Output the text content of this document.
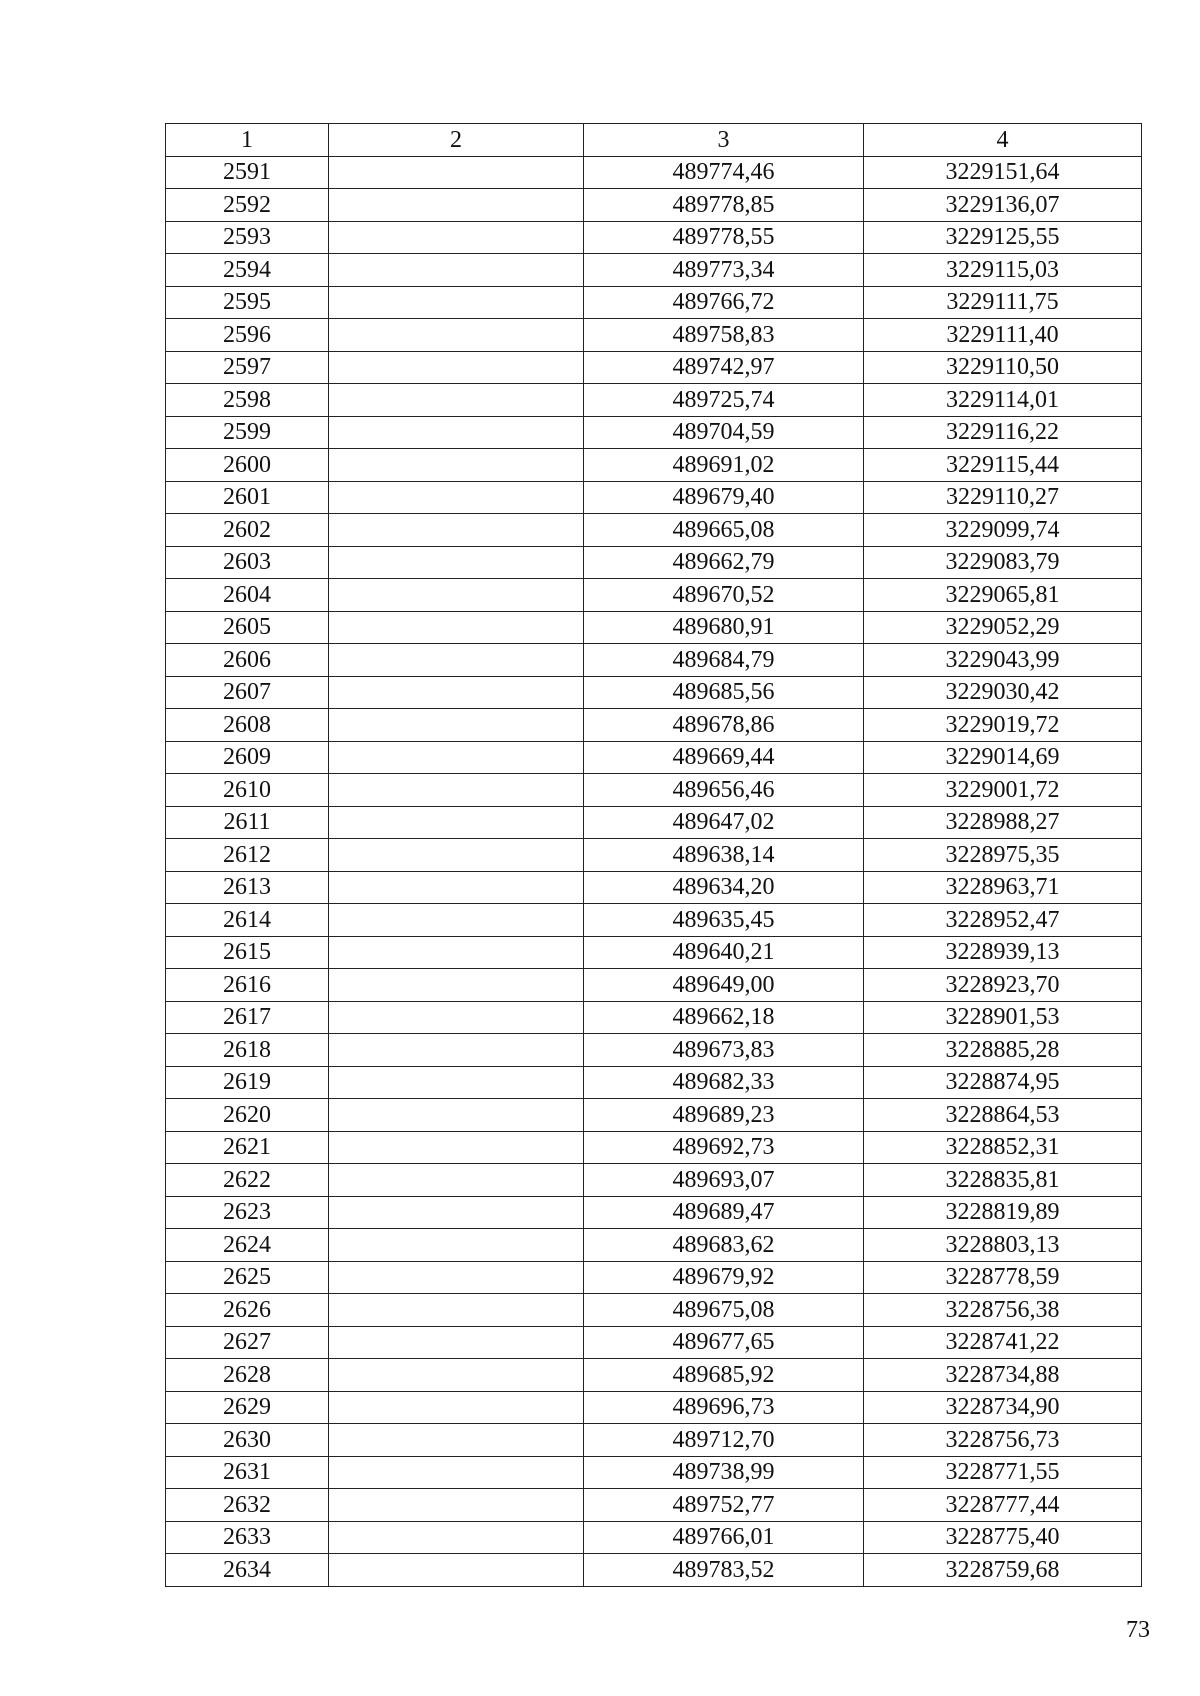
1	2	3	4
2591		489774,46	3229151,64
2592		489778,85	3229136,07
2593		489778,55	3229125,55
2594		489773,34	3229115,03
2595		489766,72	3229111,75
2596		489758,83	3229111,40
2597		489742,97	3229110,50
2598		489725,74	3229114,01
2599		489704,59	3229116,22
2600		489691,02	3229115,44
2601		489679,40	3229110,27
2602		489665,08	3229099,74
2603		489662,79	3229083,79
2604		489670,52	3229065,81
2605		489680,91	3229052,29
2606		489684,79	3229043,99
2607		489685,56	3229030,42
2608		489678,86	3229019,72
2609		489669,44	3229014,69
2610		489656,46	3229001,72
2611		489647,02	3228988,27
2612		489638,14	3228975,35
2613		489634,20	3228963,71
2614		489635,45	3228952,47
2615		489640,21	3228939,13
2616		489649,00	3228923,70
2617		489662,18	3228901,53
2618		489673,83	3228885,28
2619		489682,33	3228874,95
2620		489689,23	3228864,53
2621		489692,73	3228852,31
2622		489693,07	3228835,81
2623		489689,47	3228819,89
2624		489683,62	3228803,13
2625		489679,92	3228778,59
2626		489675,08	3228756,38
2627		489677,65	3228741,22
2628		489685,92	3228734,88
2629		489696,73	3228734,90
2630		489712,70	3228756,73
2631		489738,99	3228771,55
2632		489752,77	3228777,44
2633		489766,01	3228775,40
2634		489783,52	3228759,68
73
